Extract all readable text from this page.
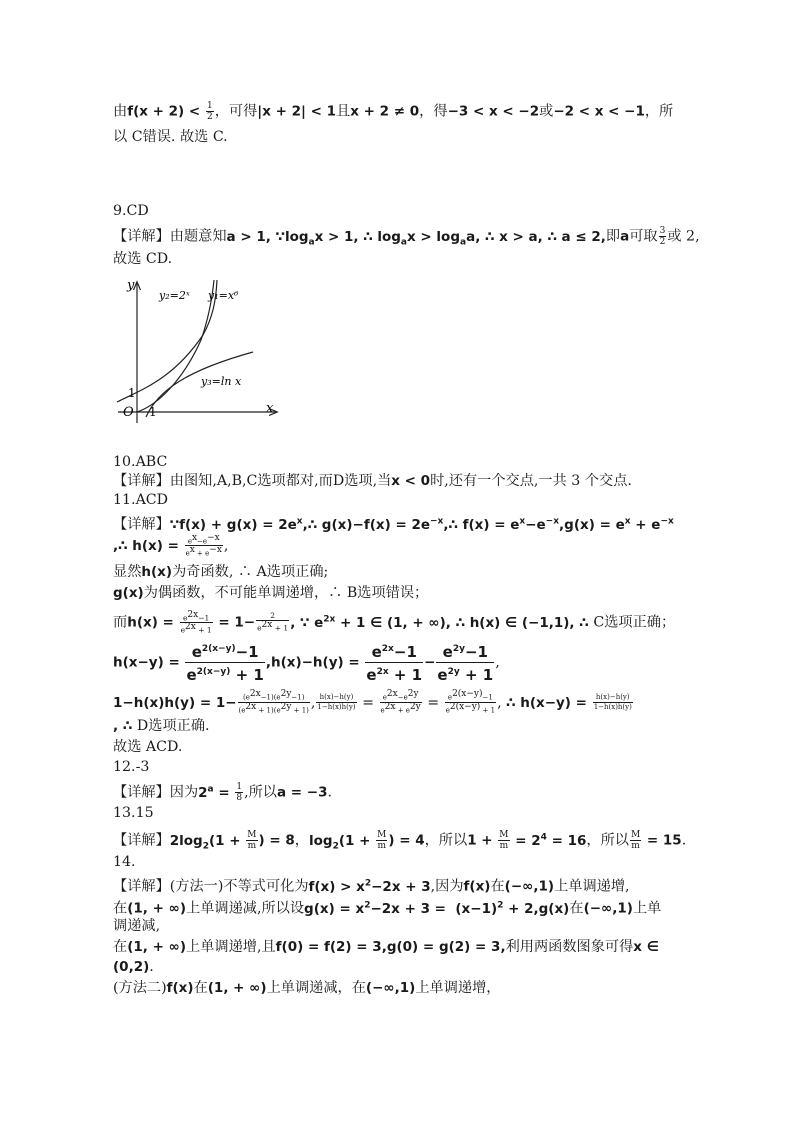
由$f(x + 2) < \frac{1}{2}$ ，可得|x + 2| < 1且x + 2 ≠ 0，得−3 < x < −2或−2 < x < −1，所
以 C错误. 故选 C.
9.CD
【详解】由题意知a > 1, $\because\log_ax > 1$, ∴ $\log_ax > \log_aa$, ∴ x > a, ∴ a ≤ 2,即a可取 $\frac{3}{2}$ 或 2,
故选 CD.
y
x
O 1
1
y₂=2ˣ y₁=x⁶
y₃=ln x
10.ABC
【详解】由图知,A,B,C选项都对,而D选项,当x < 0时,还有一个交点,一共 3 个交点.
11.ACD
【详解】∵f(x) + $g(x) = 2e^x,\therefore$ $g(x)-f(x) = 2e^{-x},\therefore$ $f(x) = e^x-e^{-x},g(x) = e^x + e^{-x}$
,∴ $h(x) = \frac{e^x-e^{-x}}{e^x + e^{-x}}$ ,
显然h(x)为奇函数, ∴ A选项正确;
g(x)为偶函数，不可能单调递增，∴ B选项错误；
而$h(x) = \frac{e^{2x}-1}{e^{2x} + 1} = 1- \frac{2}{e^{2x} + 1}$ , ∵ $e^{2x} + 1$ ∈ (1, + ∞), ∴ h(x) ∈ (−1,1), ∴ C选项正确；
$h(x-y) = \frac{e^{2(x-y)}-1}{e^{2(x-y)} + 1} ,h(x)-h(y) = \frac{e^{2x}-1}{e^{2x} + 1} - \frac{e^{2y}-1}{e^{2y} + 1}$ ,
$1-h(x)h(y) = 1- \frac{(e^{2x}-1)(e^{2y}-1)}{(e^{2x} + 1)(e^{2y} + 1)}$ , $\frac{h(x)-h(y)}{1-h(x)h(y)} = \frac{e^{2x}-e^{2y}}{e^{2x} + e^{2y}} = \frac{e^{2(x-y)}-1}{e^{2(x-y)} + 1}$ , ∴ $h(x-y) = \frac{h(x)-h(y)}{1-h(x)h(y)}$
, ∴ D选项正确.
故选 ACD.
12.-3
【详解】因为$2^a = \frac{1}{8}$ ,所以a = −3.
13.15
【详解】$2\log_2(1 + \frac{M}{m}$ ) = 8，$\log_2(1 + \frac{M}{m}$ ) = 4，所以$1 + \frac{M}{m} = 2^4 = 16$，所以 $\frac{M}{m} = 15$.
14.
【详解】(方法一)不等式可化为$f(x) > x^2-2x + 3$,因为f(x)在(−∞,1)上单调递增,
在(1, + ∞)上单调递减,所以设$g(x) = x^2-2x + 3 = (x-1)^2 + 2,g(x)$在(−∞,1)上单
调递减,
在(1, + ∞)上单调递增,且f(0) = f(2) = 3,g(0) = g(2) = 3,利用两函数图象可得x ∈
(0,2).
(方法二)f(x)在(1, + ∞)上单调递减，在(−∞,1)上单调递增，
